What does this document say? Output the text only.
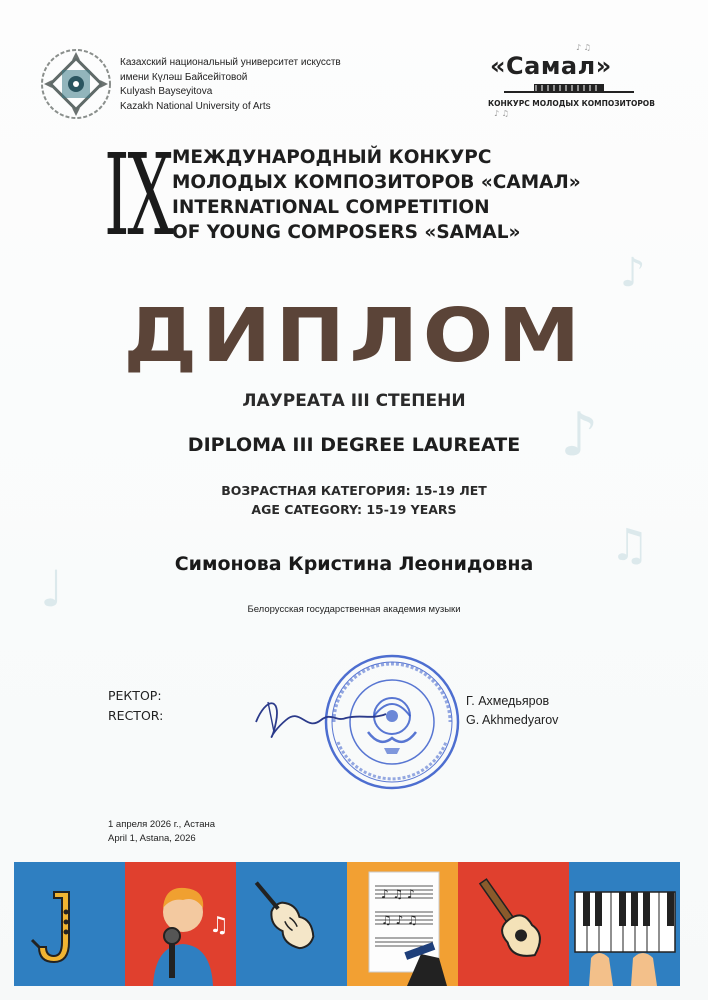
♪
♫
♩
♪
Казахский национальный университет искусств
имени Күләш Байсейітовой
Kulyash Bayseyitova
Kazakh National University of Arts
♪ ♫
♪ ♫
«Самал»
КОНКУРС МОЛОДЫХ КОМПОЗИТОРОВ
IX МЕЖДУНАРОДНЫЙ КОНКУРС
МОЛОДЫХ КОМПОЗИТОРОВ «САМАЛ»
INTERNATIONAL COMPETITION
OF YOUNG COMPOSERS «SAMAL»
ДИПЛОМ
ЛАУРЕАТА III СТЕПЕНИ
DIPLOMA III DEGREE LAUREATE
ВОЗРАСТНАЯ КАТЕГОРИЯ: 15-19 ЛЕТ
AGE CATEGORY: 15-19 YEARS
Симонова Кристина Леонидовна
Белорусская государственная академия музыки
РЕКТОР:
RECTOR:
Г. Ахмедьяров
G. Akhmedyarov
1 апреля 2026 г., Астана
April 1, Astana, 2026
♫
♪ ♫ ♪
♫ ♪ ♫
